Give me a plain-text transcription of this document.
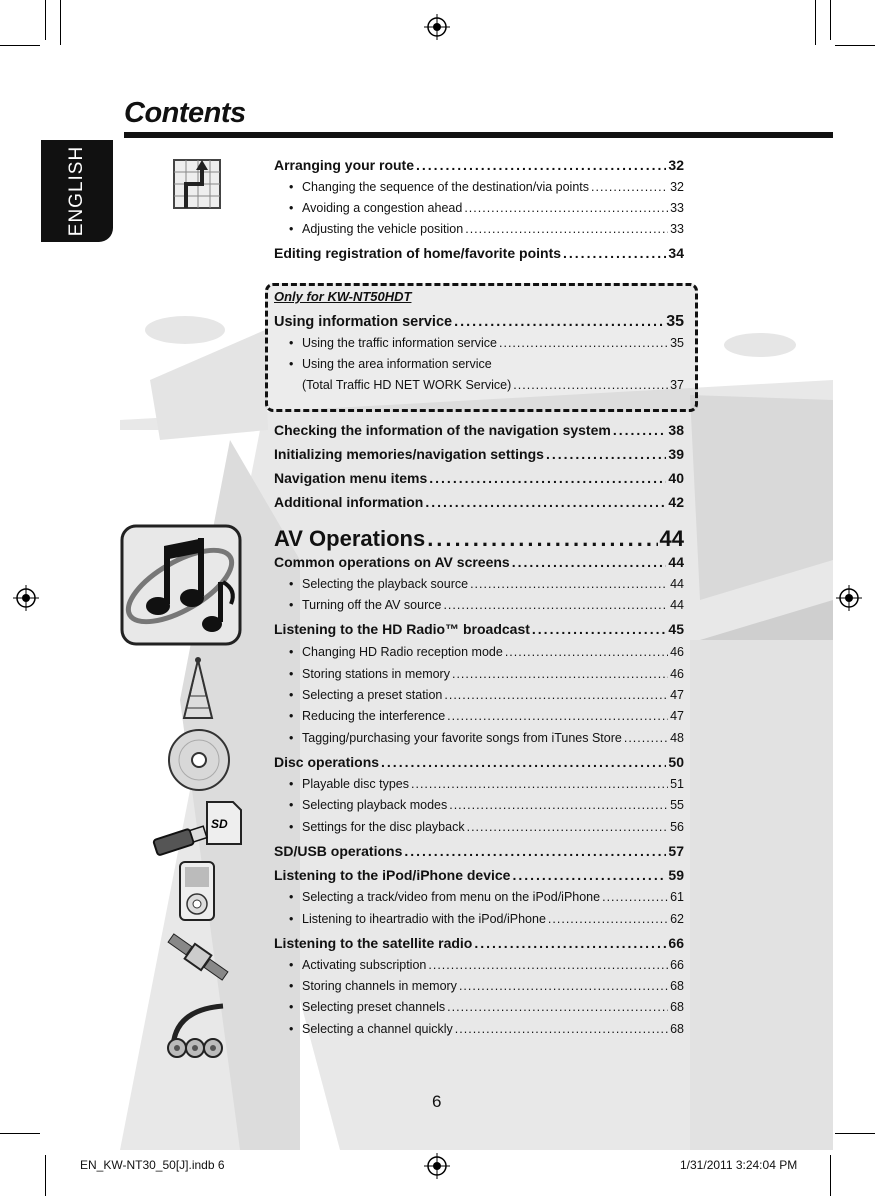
Contents
ENGLISH
SD
Only for KW-NT50HDT
Arranging your route .....	32
• Changing the sequence of the destination/via points .....	32
• Avoiding a congestion ahead .....	33
• Adjusting the vehicle position .....	33
Editing registration of home/favorite points .....	34
Using information service .....	35
• Using the traffic information service .....	35
• Using the area information service
(Total Traffic HD NET WORK Service) .....	37
Checking the information of the navigation system .....	38
Initializing memories/navigation settings .....	39
Navigation menu items .....	40
Additional information .....	42
AV Operations .....	44
Common operations on AV screens .....	44
• Selecting the playback source .....	44
• Turning off the AV source .....	44
Listening to the HD Radio™ broadcast .....	45
• Changing HD Radio reception mode .....	46
• Storing stations in memory .....	46
• Selecting a preset station .....	47
• Reducing the interference .....	47
• Tagging/purchasing your favorite songs from iTunes Store .....	48
Disc operations .....	50
• Playable disc types .....	51
• Selecting playback modes .....	55
• Settings for the disc playback .....	56
SD/USB operations .....	57
Listening to the iPod/iPhone device .....	59
• Selecting a track/video from menu on the iPod/iPhone .....	61
• Listening to iheartradio with the iPod/iPhone .....	62
Listening to the satellite radio .....	66
• Activating subscription .....	66
• Storing channels in memory .....	68
• Selecting preset channels .....	68
• Selecting a channel quickly .....	68
6
EN_KW-NT30_50[J].indb 6	1/31/2011 3:24:04 PM
